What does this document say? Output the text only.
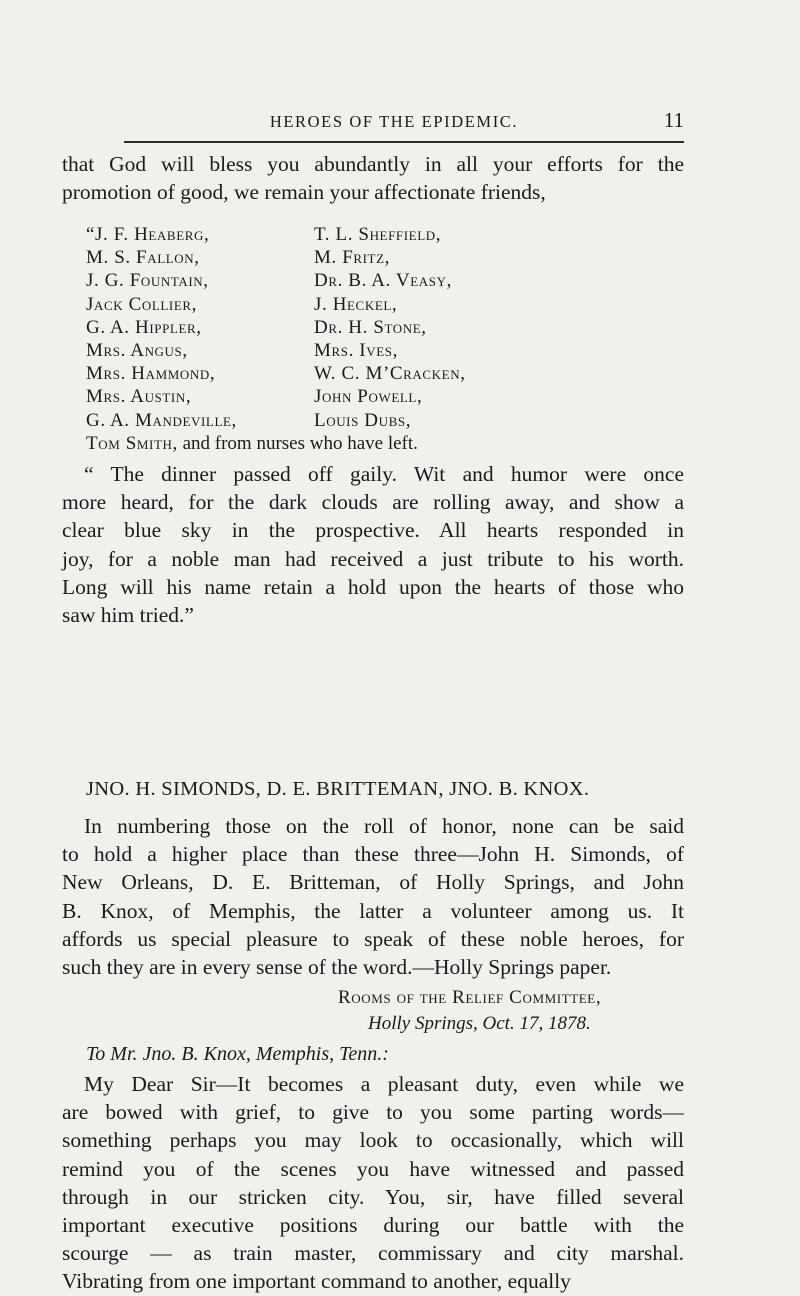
HEROES OF THE EPIDEMIC.	11
that God will bless you abundantly in all your efforts for the
promotion of good, we remain your affectionate friends,
“J. F. Heaberg,	T. L. Sheffield,
M. S. Fallon,	M. Fritz,
J. G. Fountain,	Dr. B. A. Veasy,
Jack Collier,	J. Heckel,
G. A. Hippler,	Dr. H. Stone,
Mrs. Angus,	Mrs. Ives,
Mrs. Hammond,	W. C. M’Cracken,
Mrs. Austin,	John Powell,
G. A. Mandeville,	Louis Dubs,
Tom Smith, and from nurses who have left.
“ The dinner passed off gaily. Wit and humor were once
more heard, for the dark clouds are rolling away, and show a
clear blue sky in the prospective. All hearts responded in
joy, for a noble man had received a just tribute to his worth.
Long will his name retain a hold upon the hearts of those who
saw him tried.”
JNO. H. SIMONDS, D. E. BRITTEMAN, JNO. B. KNOX.
In numbering those on the roll of honor, none can be said
to hold a higher place than these three—John H. Simonds, of
New Orleans, D. E. Britteman, of Holly Springs, and John
B. Knox, of Memphis, the latter a volunteer among us. It
affords us special pleasure to speak of these noble heroes, for
such they are in every sense of the word.—Holly Springs paper.
Rooms of the Relief Committee,
Holly Springs, Oct. 17, 1878.
To Mr. Jno. B. Knox, Memphis, Tenn.:
My Dear Sir—It becomes a pleasant duty, even while we
are bowed with grief, to give to you some parting words—
something perhaps you may look to occasionally, which will
remind you of the scenes you have witnessed and passed
through in our stricken city. You, sir, have filled several
important executive positions during our battle with the
scourge — as train master, commissary and city marshal.
Vibrating from one important command to another, equally
